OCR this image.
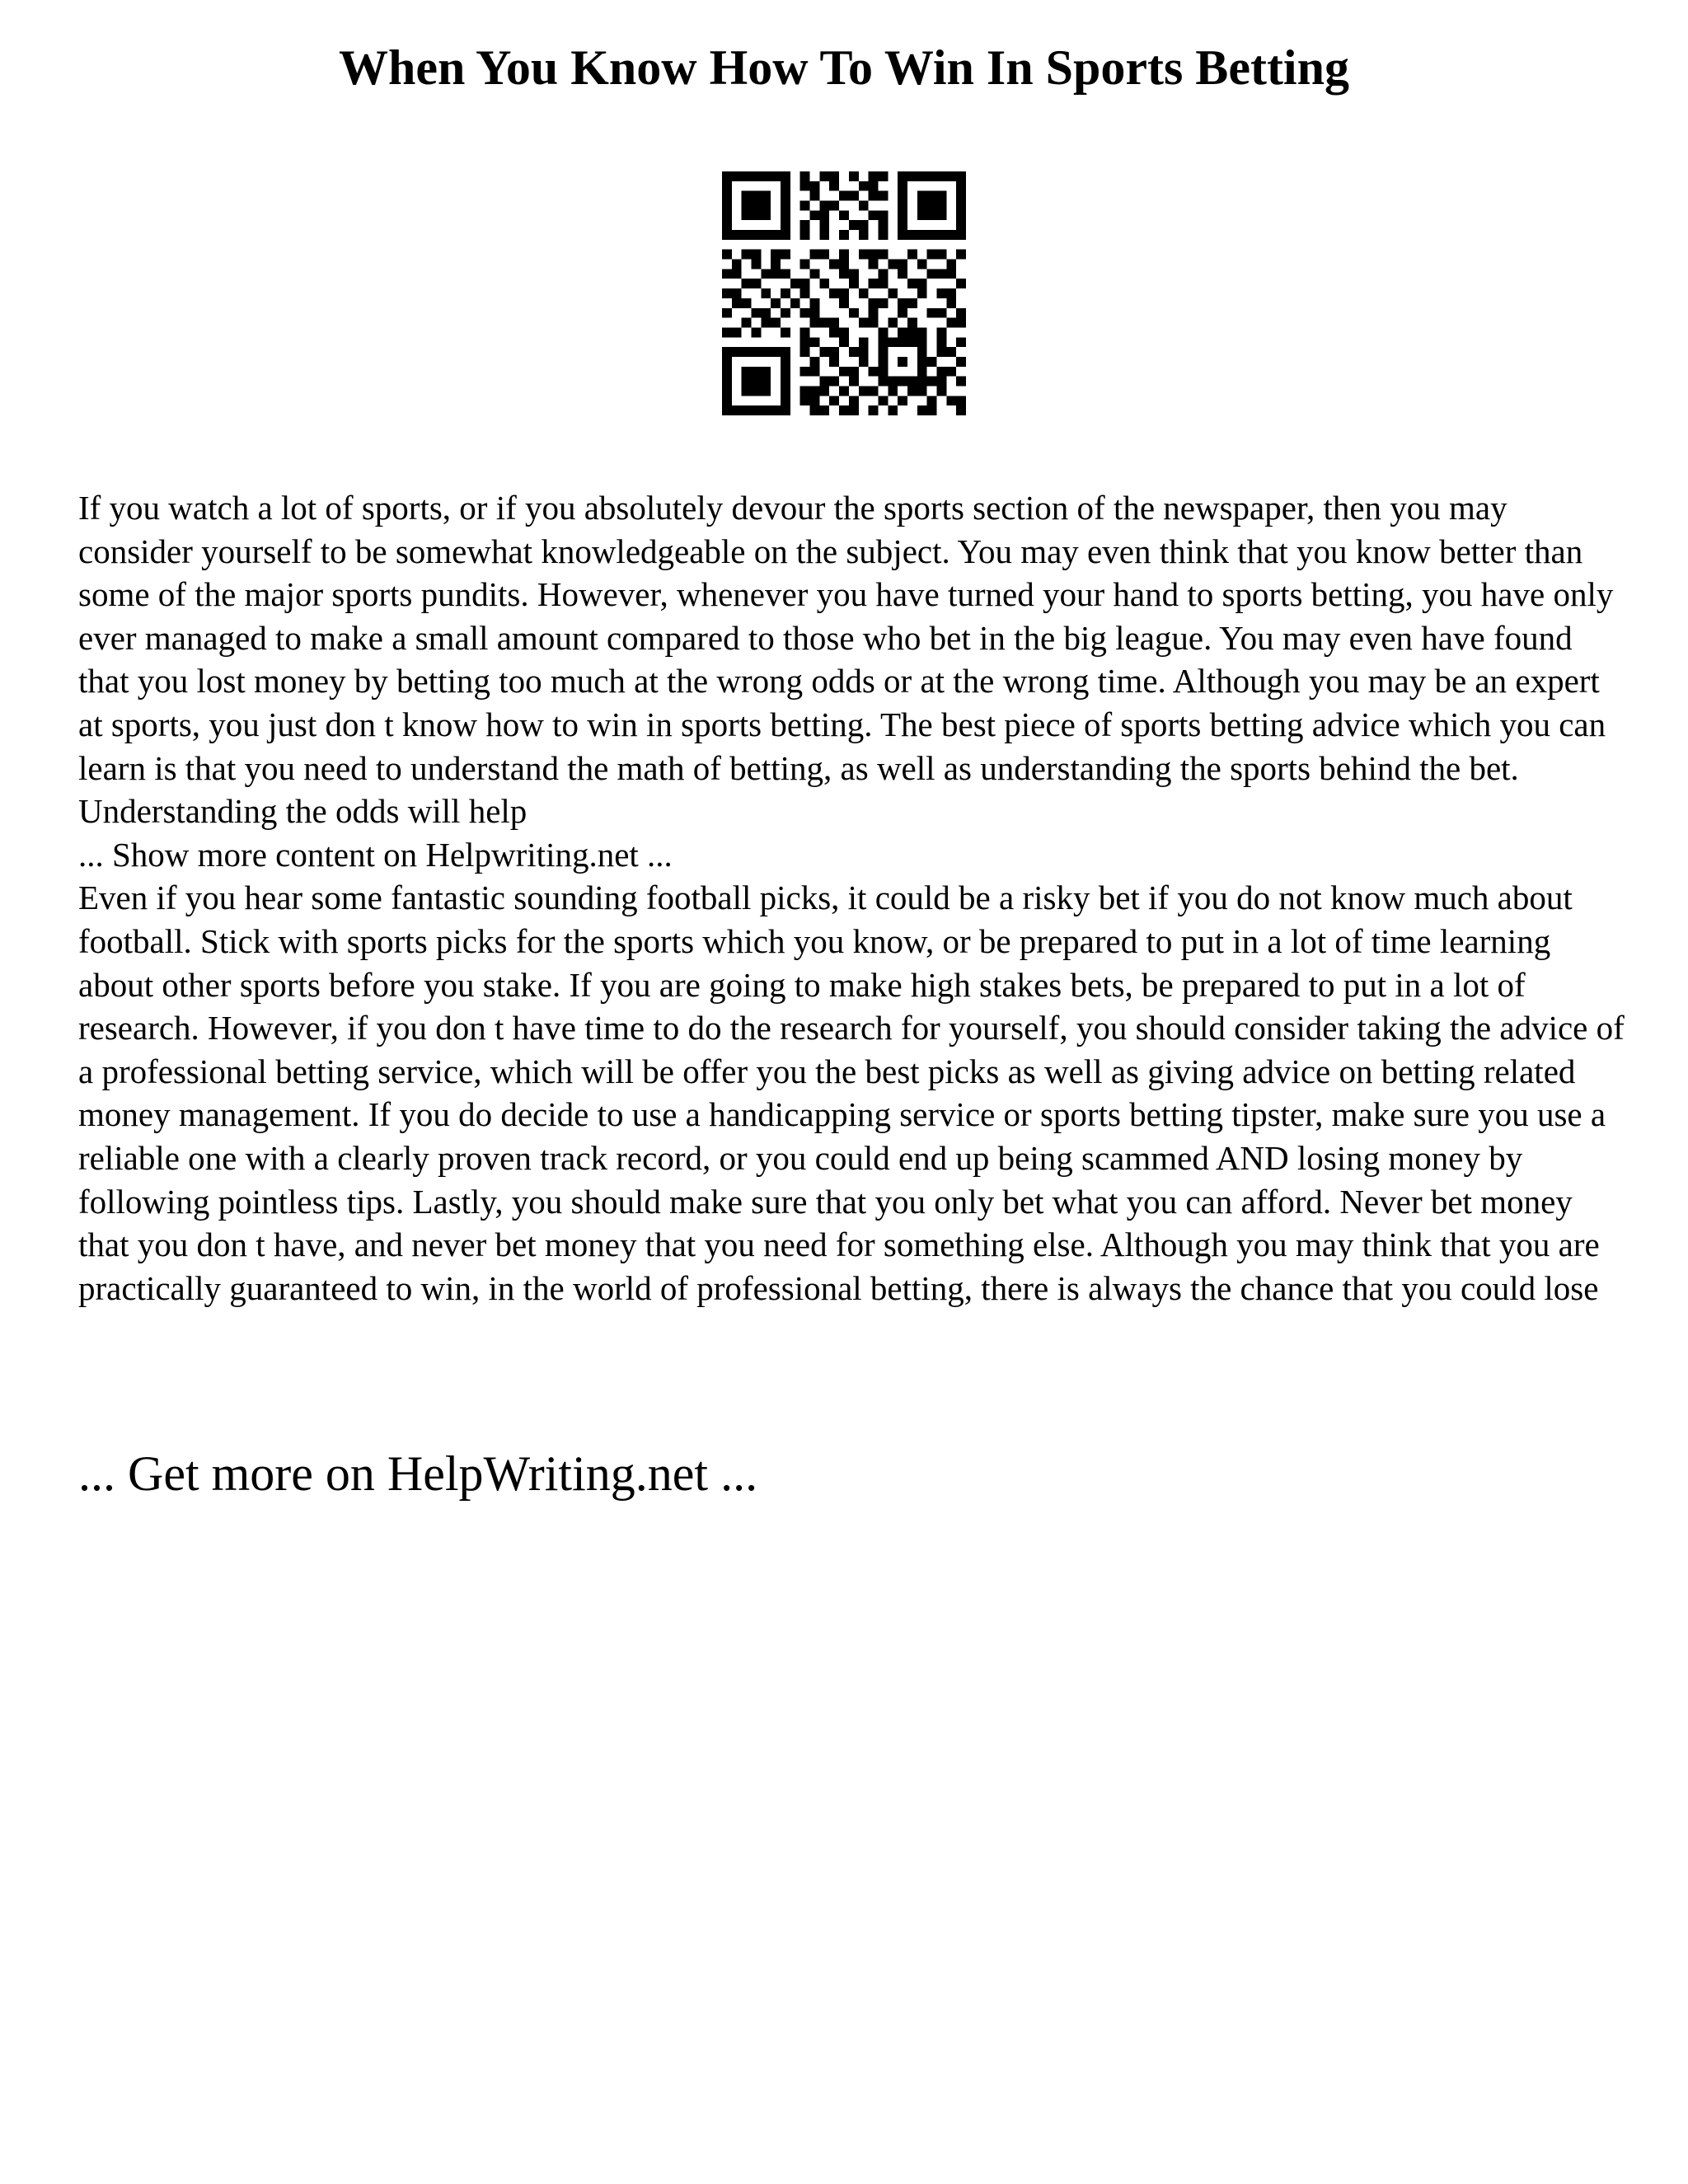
When You Know How To Win In Sports Betting

If you watch a lot of sports, or if you absolutely devour the sports section of the newspaper, then you may consider yourself to be somewhat knowledgeable on the subject. You may even think that you know better than some of the major sports pundits. However, whenever you have turned your hand to sports betting, you have only ever managed to make a small amount compared to those who bet in the big league. You may even have found that you lost money by betting too much at the wrong odds or at the wrong time. Although you may be an expert at sports, you just don t know how to win in sports betting. The best piece of sports betting advice which you can learn is that you need to understand the math of betting, as well as understanding the sports behind the bet. Understanding the odds will help

... Show more content on Helpwriting.net ...

Even if you hear some fantastic sounding football picks, it could be a risky bet if you do not know much about football. Stick with sports picks for the sports which you know, or be prepared to put in a lot of time learning about other sports before you stake. If you are going to make high stakes bets, be prepared to put in a lot of research. However, if you don t have time to do the research for yourself, you should consider taking the advice of a professional betting service, which will be offer you the best picks as well as giving advice on betting related money management. If you do decide to use a handicapping service or sports betting tipster, make sure you use a reliable one with a clearly proven track record, or you could end up being scammed AND losing money by following pointless tips. Lastly, you should make sure that you only bet what you can afford. Never bet money that you don t have, and never bet money that you need for something else. Although you may think that you are practically guaranteed to win, in the world of professional betting, there is always the chance that you could lose

... Get more on HelpWriting.net ...
